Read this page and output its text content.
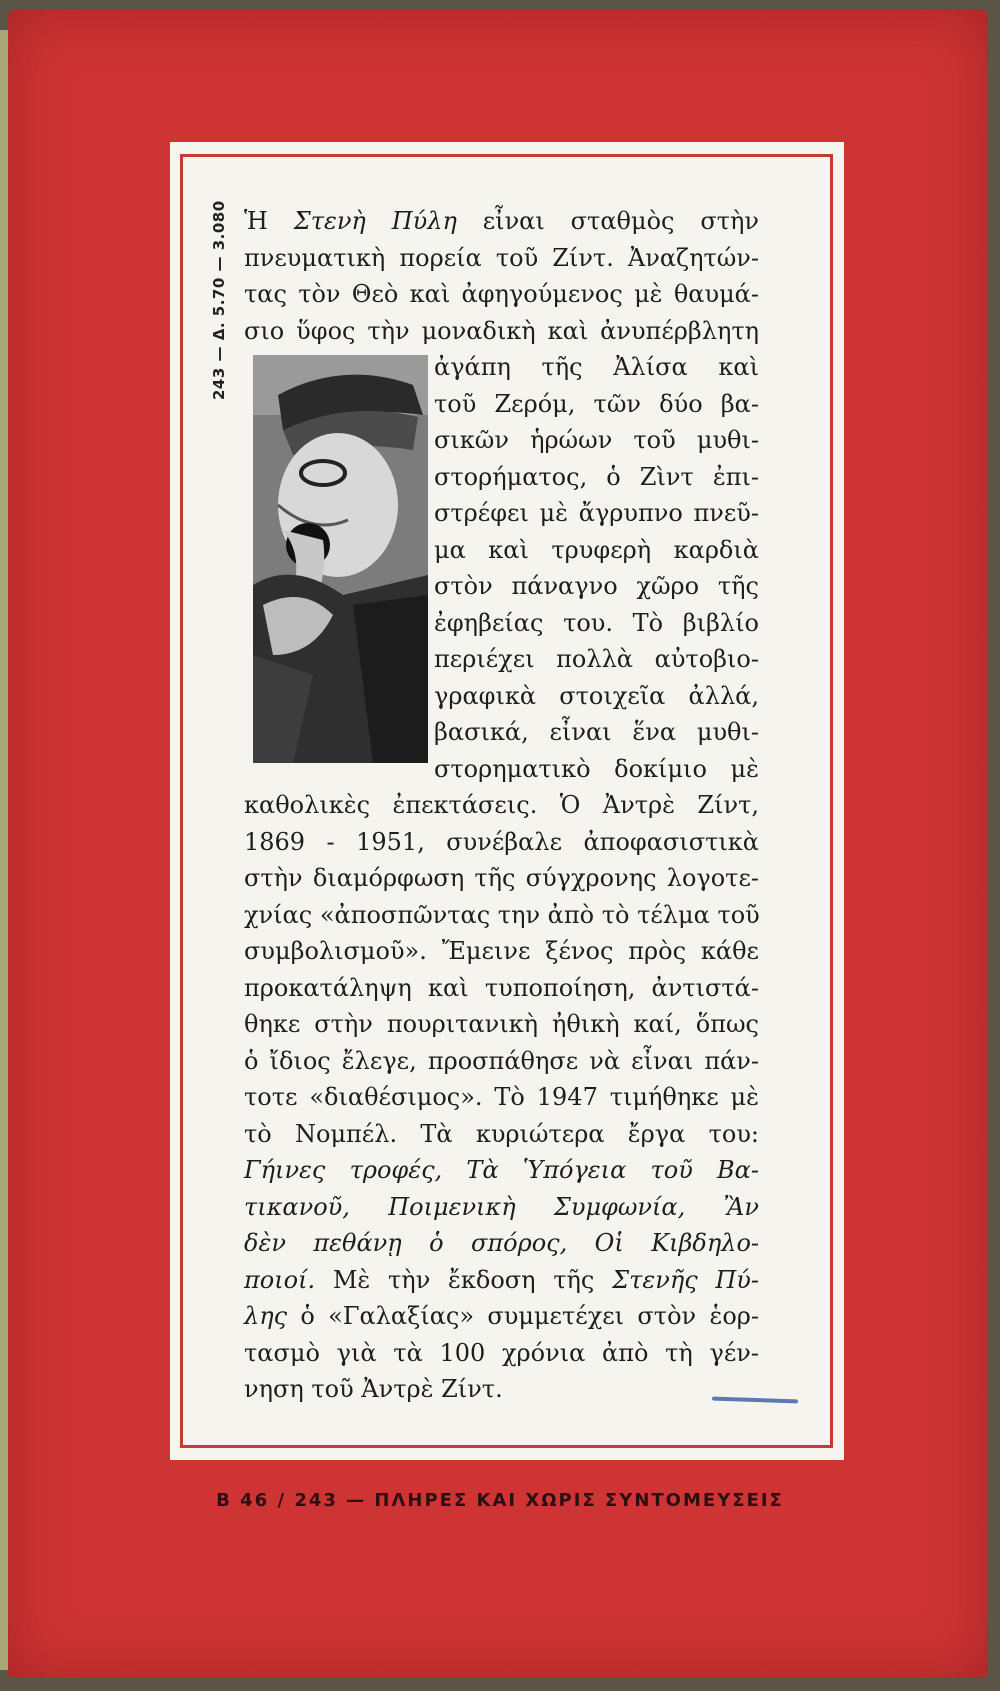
243 — Δ. 5.70 — 3.080 Ἡ Στενὴ Πύλη εἶναι σταθμὸς στὴν
πνευματικὴ πορεία τοῦ Ζίντ. Ἀναζητών-
τας τὸν Θεὸ καὶ ἀφηγούμενος μὲ θαυμά-
σιο ὕφος τὴν μοναδικὴ καὶ ἀνυπέρβλητη
ἀγάπη τῆς Ἀλίσα καὶ
τοῦ Ζερόμ, τῶν δύο βα-
σικῶν ἡρώων τοῦ μυθι-
στορήματος, ὁ Ζὶντ ἐπι-
στρέφει μὲ ἄγρυπνο πνεῦ-
μα καὶ τρυφερὴ καρδιὰ
στὸν πάναγνο χῶρο τῆς
ἐφηβείας του. Τὸ βιβλίο
περιέχει πολλὰ αὐτοβιο-
γραφικὰ στοιχεῖα ἀλλά,
βασικά, εἶναι ἕνα μυθι-
στορηματικὸ δοκίμιο μὲ
καθολικὲς ἐπεκτάσεις. Ὁ Ἀντρὲ Ζίντ,
1869 - 1951, συνέβαλε ἀποφασιστικὰ
στὴν διαμόρφωση τῆς σύγχρονης λογοτε-
χνίας «ἀποσπῶντας την ἀπὸ τὸ τέλμα τοῦ
συμβολισμοῦ». Ἔμεινε ξένος πρὸς κάθε
προκατάληψη καὶ τυποποίηση, ἀντιστά-
θηκε στὴν πουριτανικὴ ἠθικὴ καί, ὅπως
ὁ ἴδιος ἔλεγε, προσπάθησε νὰ εἶναι πάν-
τοτε «διαθέσιμος». Τὸ 1947 τιμήθηκε μὲ
τὸ Νομπέλ. Τὰ κυριώτερα ἔργα του:
Γήινες τροφές, Τὰ Ὑπόγεια τοῦ Βα-
τικανοῦ, Ποιμενικὴ Συμφωνία, Ἂν
δὲν πεθάνῃ ὁ σπόρος, Οἱ Κιβδηλο-
ποιοί. Μὲ τὴν ἔκδοση τῆς Στενῆς Πύ-
λης ὁ «Γαλαξίας» συμμετέχει στὸν ἑορ-
τασμὸ γιὰ τὰ 100 χρόνια ἀπὸ τὴ γέν-
νηση τοῦ Ἀντρὲ Ζίντ.
Β 46 / 243 — ΠΛΗΡΕΣ ΚΑΙ ΧΩΡΙΣ ΣΥΝΤΟΜΕΥΣΕΙΣ
